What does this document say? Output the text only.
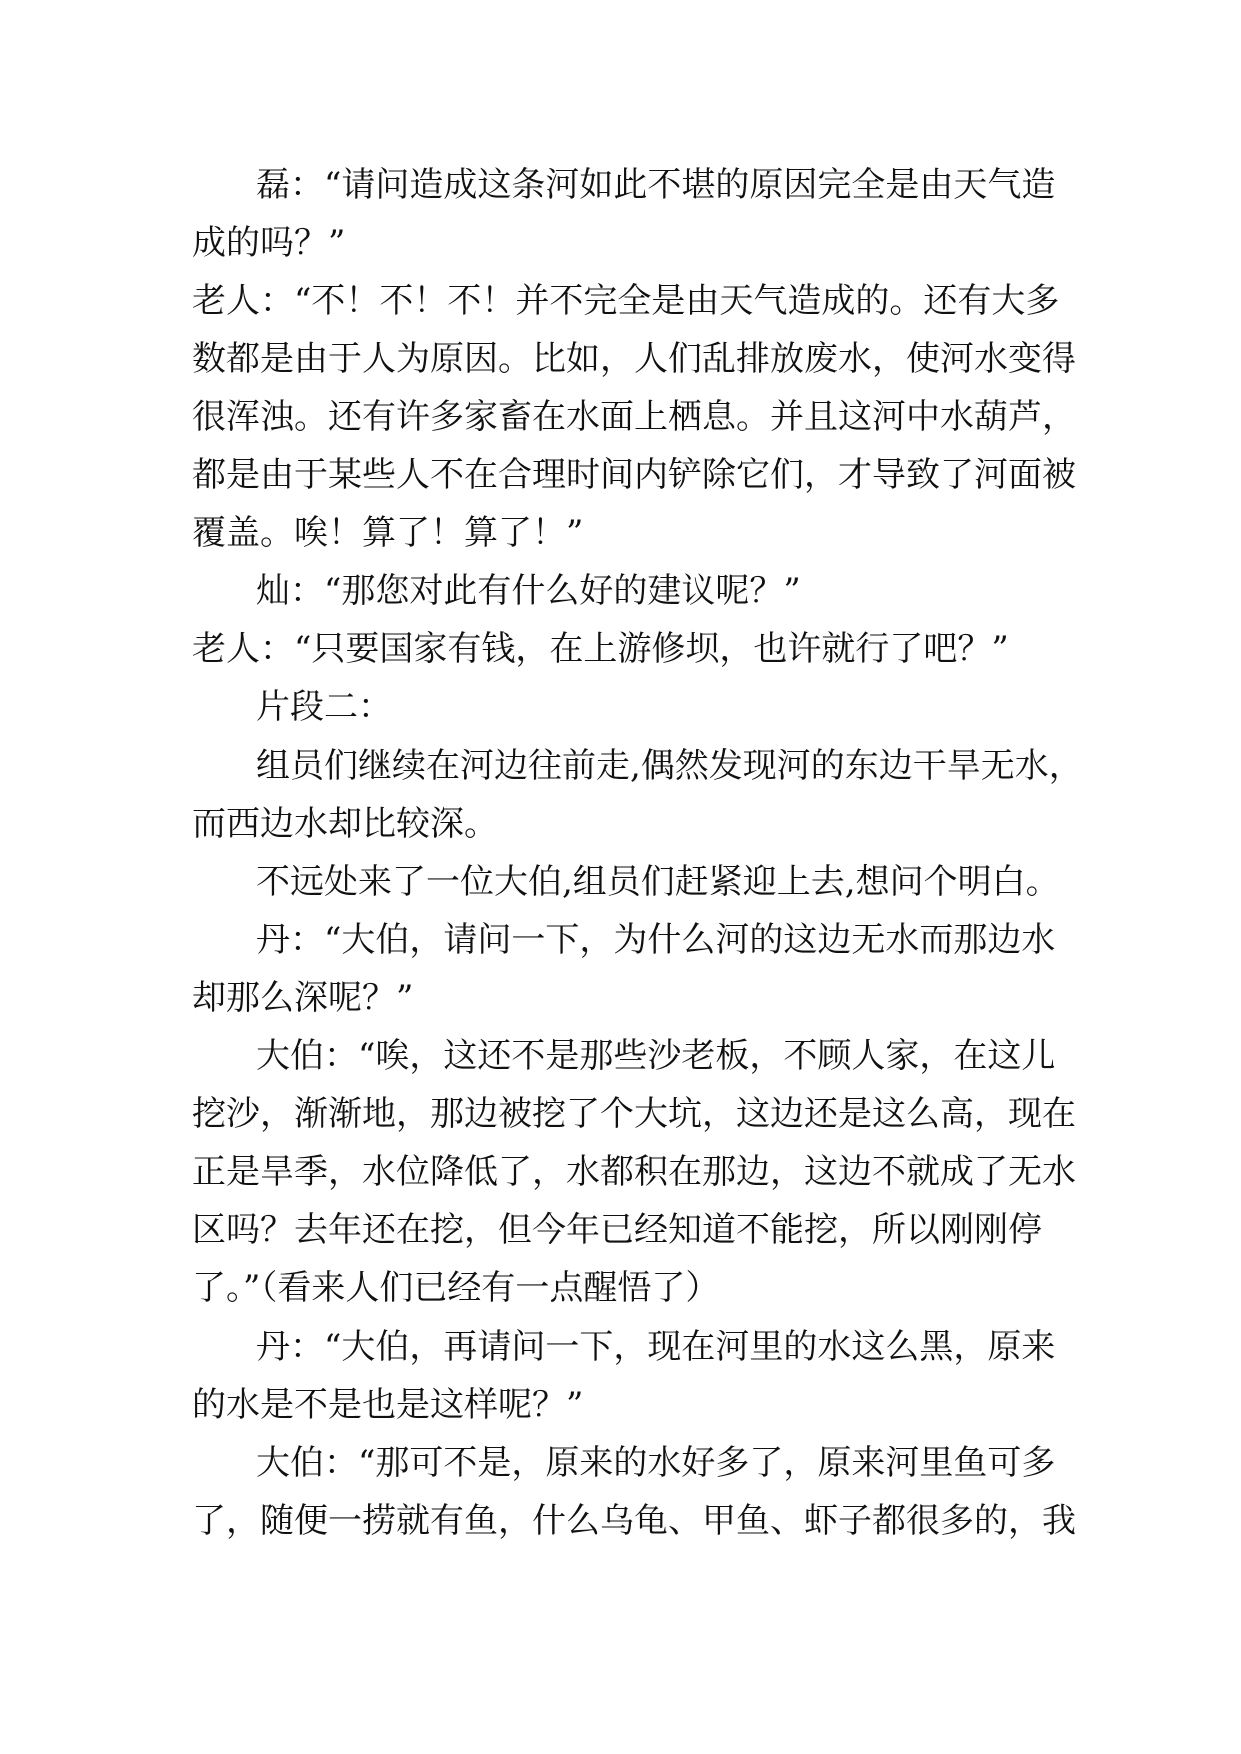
磊：“请问造成这条河如此不堪的原因完全是由天气造
成的吗？”
老人：“不！不！不！并不完全是由天气造成的。还有大多
数都是由于人为原因。比如，人们乱排放废水，使河水变得
很浑浊。还有许多家畜在水面上栖息。并且这河中水葫芦，
都是由于某些人不在合理时间内铲除它们，才导致了河面被
覆盖。唉！算了！算了！”
灿：“那您对此有什么好的建议呢？”
老人：“只要国家有钱，在上游修坝，也许就行了吧？”
片段二：
组员们继续在河边往前走,偶然发现河的东边干旱无水，
而西边水却比较深。
不远处来了一位大伯,组员们赶紧迎上去,想问个明白。
丹：“大伯，请问一下，为什么河的这边无水而那边水
却那么深呢？”
大伯：“唉，这还不是那些沙老板，不顾人家，在这儿
挖沙，渐渐地，那边被挖了个大坑，这边还是这么高，现在
正是旱季，水位降低了，水都积在那边，这边不就成了无水
区吗？去年还在挖，但今年已经知道不能挖，所以刚刚停
了。”（看来人们已经有一点醒悟了）
丹：“大伯，再请问一下，现在河里的水这么黑，原来
的水是不是也是这样呢？”
大伯：“那可不是，原来的水好多了，原来河里鱼可多
了，随便一捞就有鱼，什么乌龟、甲鱼、虾子都很多的，我
